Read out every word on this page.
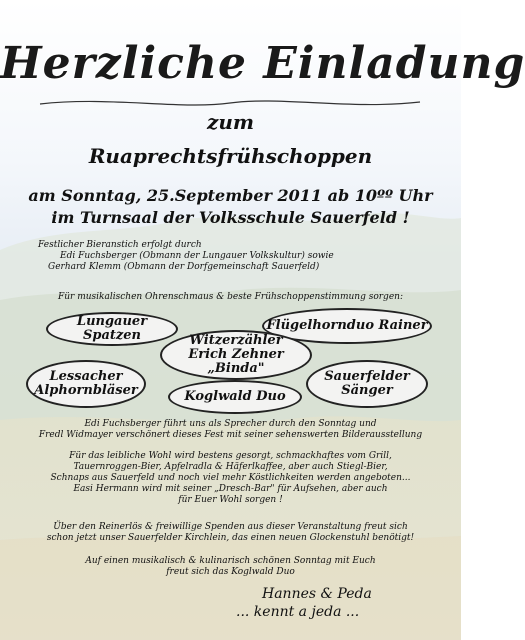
Herzliche Einladung
zum
Ruaprechtsfrühschoppen
am Sonntag, 25.September 2011 ab 10ºº Uhr
im Turnsaal der Volksschule Sauerfeld !
Festlicher Bieranstich erfolgt durch
Edi Fuchsberger (Obmann der Lungauer Volkskultur) sowie
Gerhard Klemm (Obmann der Dorfgemeinschaft Sauerfeld)
Für musikalischen Ohrenschmaus & beste Frühschoppenstimmung sorgen:
Lungauer Spatzen
Flügelhornduo Rainer
Witzerzähler
Erich Zehner „Binda"
Lessacher
Alphornbläser	Koglwald Duo
Sauerfelder
Sänger
Edi Fuchsberger führt uns als Sprecher durch den Sonntag und
Fredl Widmayer verschönert dieses Fest mit seiner sehenswerten Bilderausstellung
Für das leibliche Wohl wird bestens gesorgt, schmackhaftes vom Grill,
Tauernroggen-Bier, Apfelradla & Häferlkaffee, aber auch Stiegl-Bier,
Schnaps aus Sauerfeld und noch viel mehr Köstlichkeiten werden angeboten...
Easi Hermann wird mit seiner „Dresch-Bar" für Aufsehen, aber auch
für Euer Wohl sorgen !
Über den Reinerlös & freiwillige Spenden aus dieser Veranstaltung freut sich
schon jetzt unser Sauerfelder Kirchlein, das einen neuen Glockenstuhl benötigt!
Auf einen musikalisch & kulinarisch schönen Sonntag mit Euch
freut sich das Koglwald Duo
Hannes & Peda
... kennt a jeda ...
